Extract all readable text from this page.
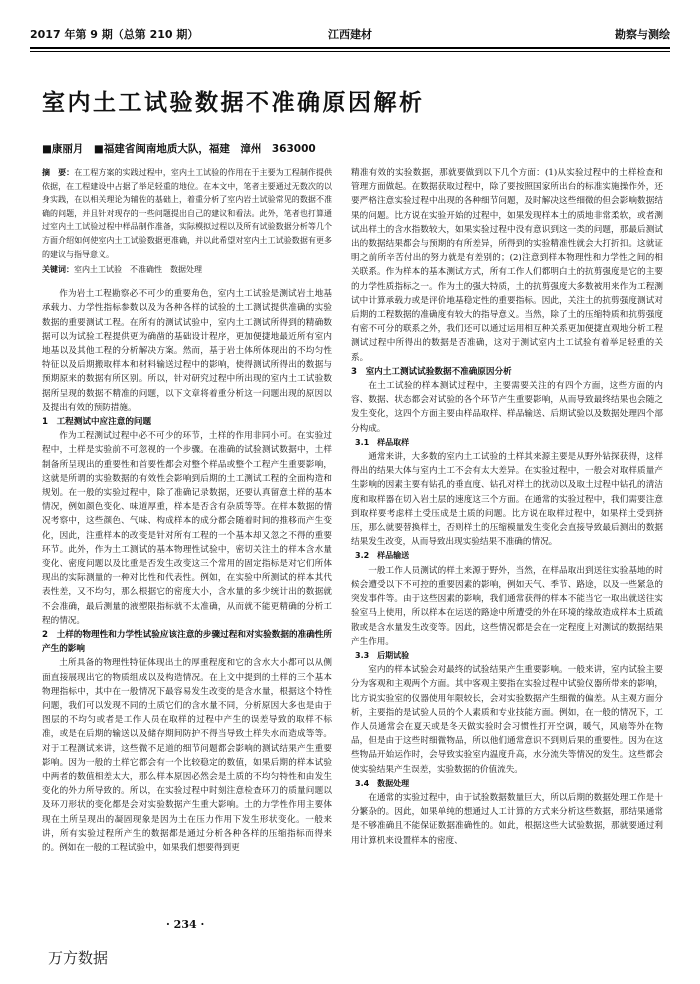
2017 年第 9 期（总第 210 期）	江西建材	勘察与测绘
室内土工试验数据不准确原因解析
■康丽月　■福建省闽南地质大队，福建　漳州　363000
摘　要：在工程方案的实践过程中，室内土工试验的作用在于主要为工程制作提供依据，在工程建设中占据了举足轻重的地位。在本文中，笔者主要通过无数次的以身实践，在以相关理论为辅佐的基础上，着重分析了室内岩土试验常见的数据不准确的问题，并且针对现存的一些问题提出自己的建议和看法。此外，笔者也打算通过室内土工试验过程中样品制作准备，实际模拟过程以及所有试验数据分析等几个方面介绍如何使室内土工试验数据更准确，并以此希望对室内土工试验数据有更多的建议与指导意义。
关键词：室内土工试验　不准确性　数据处理

作为岩土工程勘察必不可少的重要角色，室内土工试验是测试岩土地基承载力、力学性指标参数以及为各种各样的试验的土工测试提供准确的实验数据的重要测试工程。在所有的测试试验中，室内土工测试所得到的精确数据可以为试验工程提供更为确凿的基础设计程序，更加便捷地最近所有室内地基以及其他工程的分析解决方案。然而，基于岩土体所体现出的不均匀性特征以及后期搬取样本和材料输送过程中的影响，使得测试所得出的数据与预期原来的数据有所区别。所以，针对研究过程中所出现的室内土工试验数据所呈现的数据不精准的问题，以下文章将着重分析这一问题出现的原因以及提出有效的预防措施。

1　工程测试中应注意的问题

作为工程测试过程中必不可少的环节，土样的作用非同小可。在实验过程中，土样是实验前不可忽视的一个步骤。在准确的试验测试数据中，土样制备所呈现出的重要性和首要性都会对整个样品或整个工程产生重要影响，这就是所谓的实验数据的有效性会影响到后期的土工测试工程的全面构造和规划。在一般的实验过程中，除了准确记录数据，还要认真留意土样的基本情况，例如颜色变化、味道厚重，样本是否含有杂质等等。在样本数据的情况考察中，这些颜色、气味、构成样本的成分都会随着时间的推移而产生变化，因此，注重样本的改变是针对所有工程的一个基本却又忽之不得的重要环节。此外，作为土工测试的基本物理性试验中，密切关注土的样本含水量变化、密度问题以及比重是否发生改变这三个常用的固定指标是对它们所体现出的实际测量的一种对比性和代表性。例如，在实验中所测试的样本其代表性差，又不均匀，那么根据它的密度大小，含水量的多少统计出的数据就不会准确，最后测量的液塑限指标就不太准确，从而就不能更精确的分析工程的情况。

2　土样的物理性和力学性试验应该注意的步骤过程和对实验数据的准确性所产生的影响

土所具备的物理性特征体现出土的厚重程度和它的含水大小都可以从侧面直接展现出它的物质组成以及构造情况。在上文中提到的土样的三个基本物理指标中，其中在一般情况下最容易发生改变的是含水量，根据这个特性问题，我们可以发现不同的土质它们的含水量不同，分析原因大多也是由于图层的不均匀或者是工作人员在取样的过程中产生的误差导致的取样不标准，或是在后期的输送以及储存期间防护不得当导致土样失水而造成等等。对于工程测试来讲，这些微不足道的细节问题都会影响的测试结果产生重要影响。因为一般的土样它都会有一个比较稳定的数值，如果后期的样本试验中两者的数值相差太大，那么样本原因必然会是土质的不均匀特性和由发生变化的外力所导致的。所以，在实验过程中时刻注意检查环刀的质量问题以及环刀形状的变化都是会对实验数据产生重大影响。土的力学性作用主要体现在土所呈现出的凝固现象是因为土在压力作用下发生形状变化。一般来讲，所有实验过程所产生的数据都是通过分析各种各样的压缩指标而得来的。例如在一般的工程试验中，如果我们想要得到更

精准有效的实验数据，那就要做到以下几个方面：(1)从实验过程中的土样检查和管理方面做起。在数据获取过程中，除了要按照国家所出台的标准实施操作外，还要严格注意实验过程中出现的各种细节问题，及时解决这些细微的但会影响数据结果的问题。比方说在实验开始的过程中，如果发现样本土的质地非常柔软，或者测试出样土的含水指数较大，如果实验过程中没有意识到这一类的问题，那最后测试出的数据结果都会与预期的有所差异，所得到的实验精准性就会大打折扣。这就证明之前所辛苦付出的努力就是有差别的；(2)注意到样本物理性和力学性之间的相关联系。作为样本的基本测试方式，所有工作人们都明白土的抗剪强度是它的主要的力学性质指标之一。作为土的强大特质，土的抗剪强度大多数被用来作为工程测试中计算承载力或是评价地基稳定性的重要指标。因此，关注土的抗剪强度测试对后期的工程数据的准确度有较大的指导意义。当然，除了土的压缩特质和抗剪强度有密不可分的联系之外，我们还可以通过运用相互种关系更加便捷直观地分析工程测试过程中所得出的数据是否准确，这对于测试室内土工试验有着举足轻重的关系。

3　室内土工测试试验数据不准确原因分析

在土工试验的样本测试过程中，主要需要关注的有四个方面，这些方面的内容、数据、状态都会对试验的各个环节产生重要影响，从而导致最终结果也会随之发生变化，这四个方面主要由样品取样、样品输送、后期试验以及数据处理四个部分构成。

3.1　样品取样

通常来讲，大多数的室内土工试验的土样其来源主要是从野外钻探获得，这样得出的结果大体与室内土工不会有太大差异。在实验过程中，一般会对取样质量产生影响的因素主要有钻孔的垂直度、钻孔对样土的扰动以及取土过程中钻孔的清洁度和取样器在切入岩土层的速度这三个方面。在通常的实验过程中，我们需要注意到取样要考虑样土受压成是土质的问题。比方说在取样过程中，如果样土受到挤压，那么就要替换样土，否则样土的压缩模量发生变化会直接导致最后测出的数据结果发生改变，从而导致出现实验结果不准确的情况。

3.2　样品输送

一般工作人员测试的样土来源于野外，当然，在样品取出到送往实验基地的时候会遭受以下不可控的重要因素的影响，例如天气、季节、路途，以及一些紧急的突发事件等。由于这些因素的影响，我们通常获得的样本不能当它一取出就送往实验室马上使用，所以样本在运送的路途中所遭受的外在环境的缘故造成样本土质疏散或是含水量发生改变等。因此，这些情况都是会在一定程度上对测试的数据结果产生作用。

3.3　后期试验

室内的样本试验会对最终的试验结果产生重要影响。一般来讲，室内试验主要分为客观和主观两个方面。其中客观主要指在实验过程中试验仪器所带来的影响，比方说实验室的仪器使用年限较长，会对实验数据产生细微的偏差。从主观方面分析，主要指的是试验人员的个人素质和专业技能方面。例如，在一般的情况下，工作人员通常会在夏天或是冬天做实验时会习惯性打开空调，暖气，风扇等外在物品，但是由于这些时细微物品，所以他们通常意识不到则后果的重要性。因为在这些物品开始运作时，会导致实验室内温度升高，水分流失等情况的发生。这些都会使实验结果产生误差，实验数据的价值流失。

3.4　数据处理

在通常的实验过程中，由于试验数据数量巨大，所以后期的数据处理工作是十分繁杂的。因此，如果单纯的想通过人工计算的方式来分析这些数据，那结果通常是不够准确且不能保证数据准确性的。如此，根据这些大试验数据，那就要通过利用计算机来设置样本的密度、

· 234 ·
万方数据
